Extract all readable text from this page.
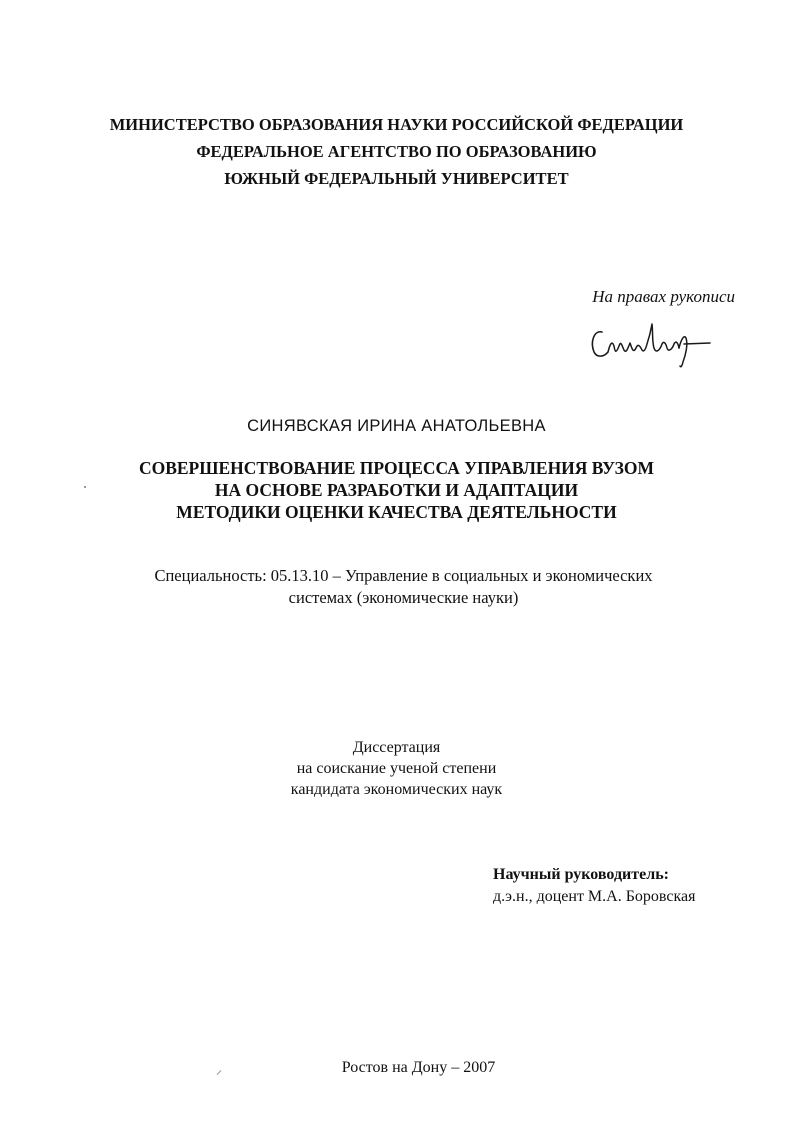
МИНИСТЕРСТВО ОБРАЗОВАНИЯ НАУКИ РОССИЙСКОЙ ФЕДЕРАЦИИ
ФЕДЕРАЛЬНОЕ АГЕНТСТВО ПО ОБРАЗОВАНИЮ
ЮЖНЫЙ ФЕДЕРАЛЬНЫЙ УНИВЕРСИТЕТ
На правах рукописи
СИНЯВСКАЯ ИРИНА АНАТОЛЬЕВНА
СОВЕРШЕНСТВОВАНИЕ ПРОЦЕССА УПРАВЛЕНИЯ ВУЗОМ
НА ОСНОВЕ РАЗРАБОТКИ И АДАПТАЦИИ
МЕТОДИКИ ОЦЕНКИ КАЧЕСТВА ДЕЯТЕЛЬНОСТИ
Специальность: 05.13.10 – Управление в социальных и экономических
системах (экономические науки)
Диссертация
на соискание ученой степени
кандидата экономических наук
Научный руководитель:
д.э.н., доцент М.А. Боровская
Ростов на Дону – 2007
